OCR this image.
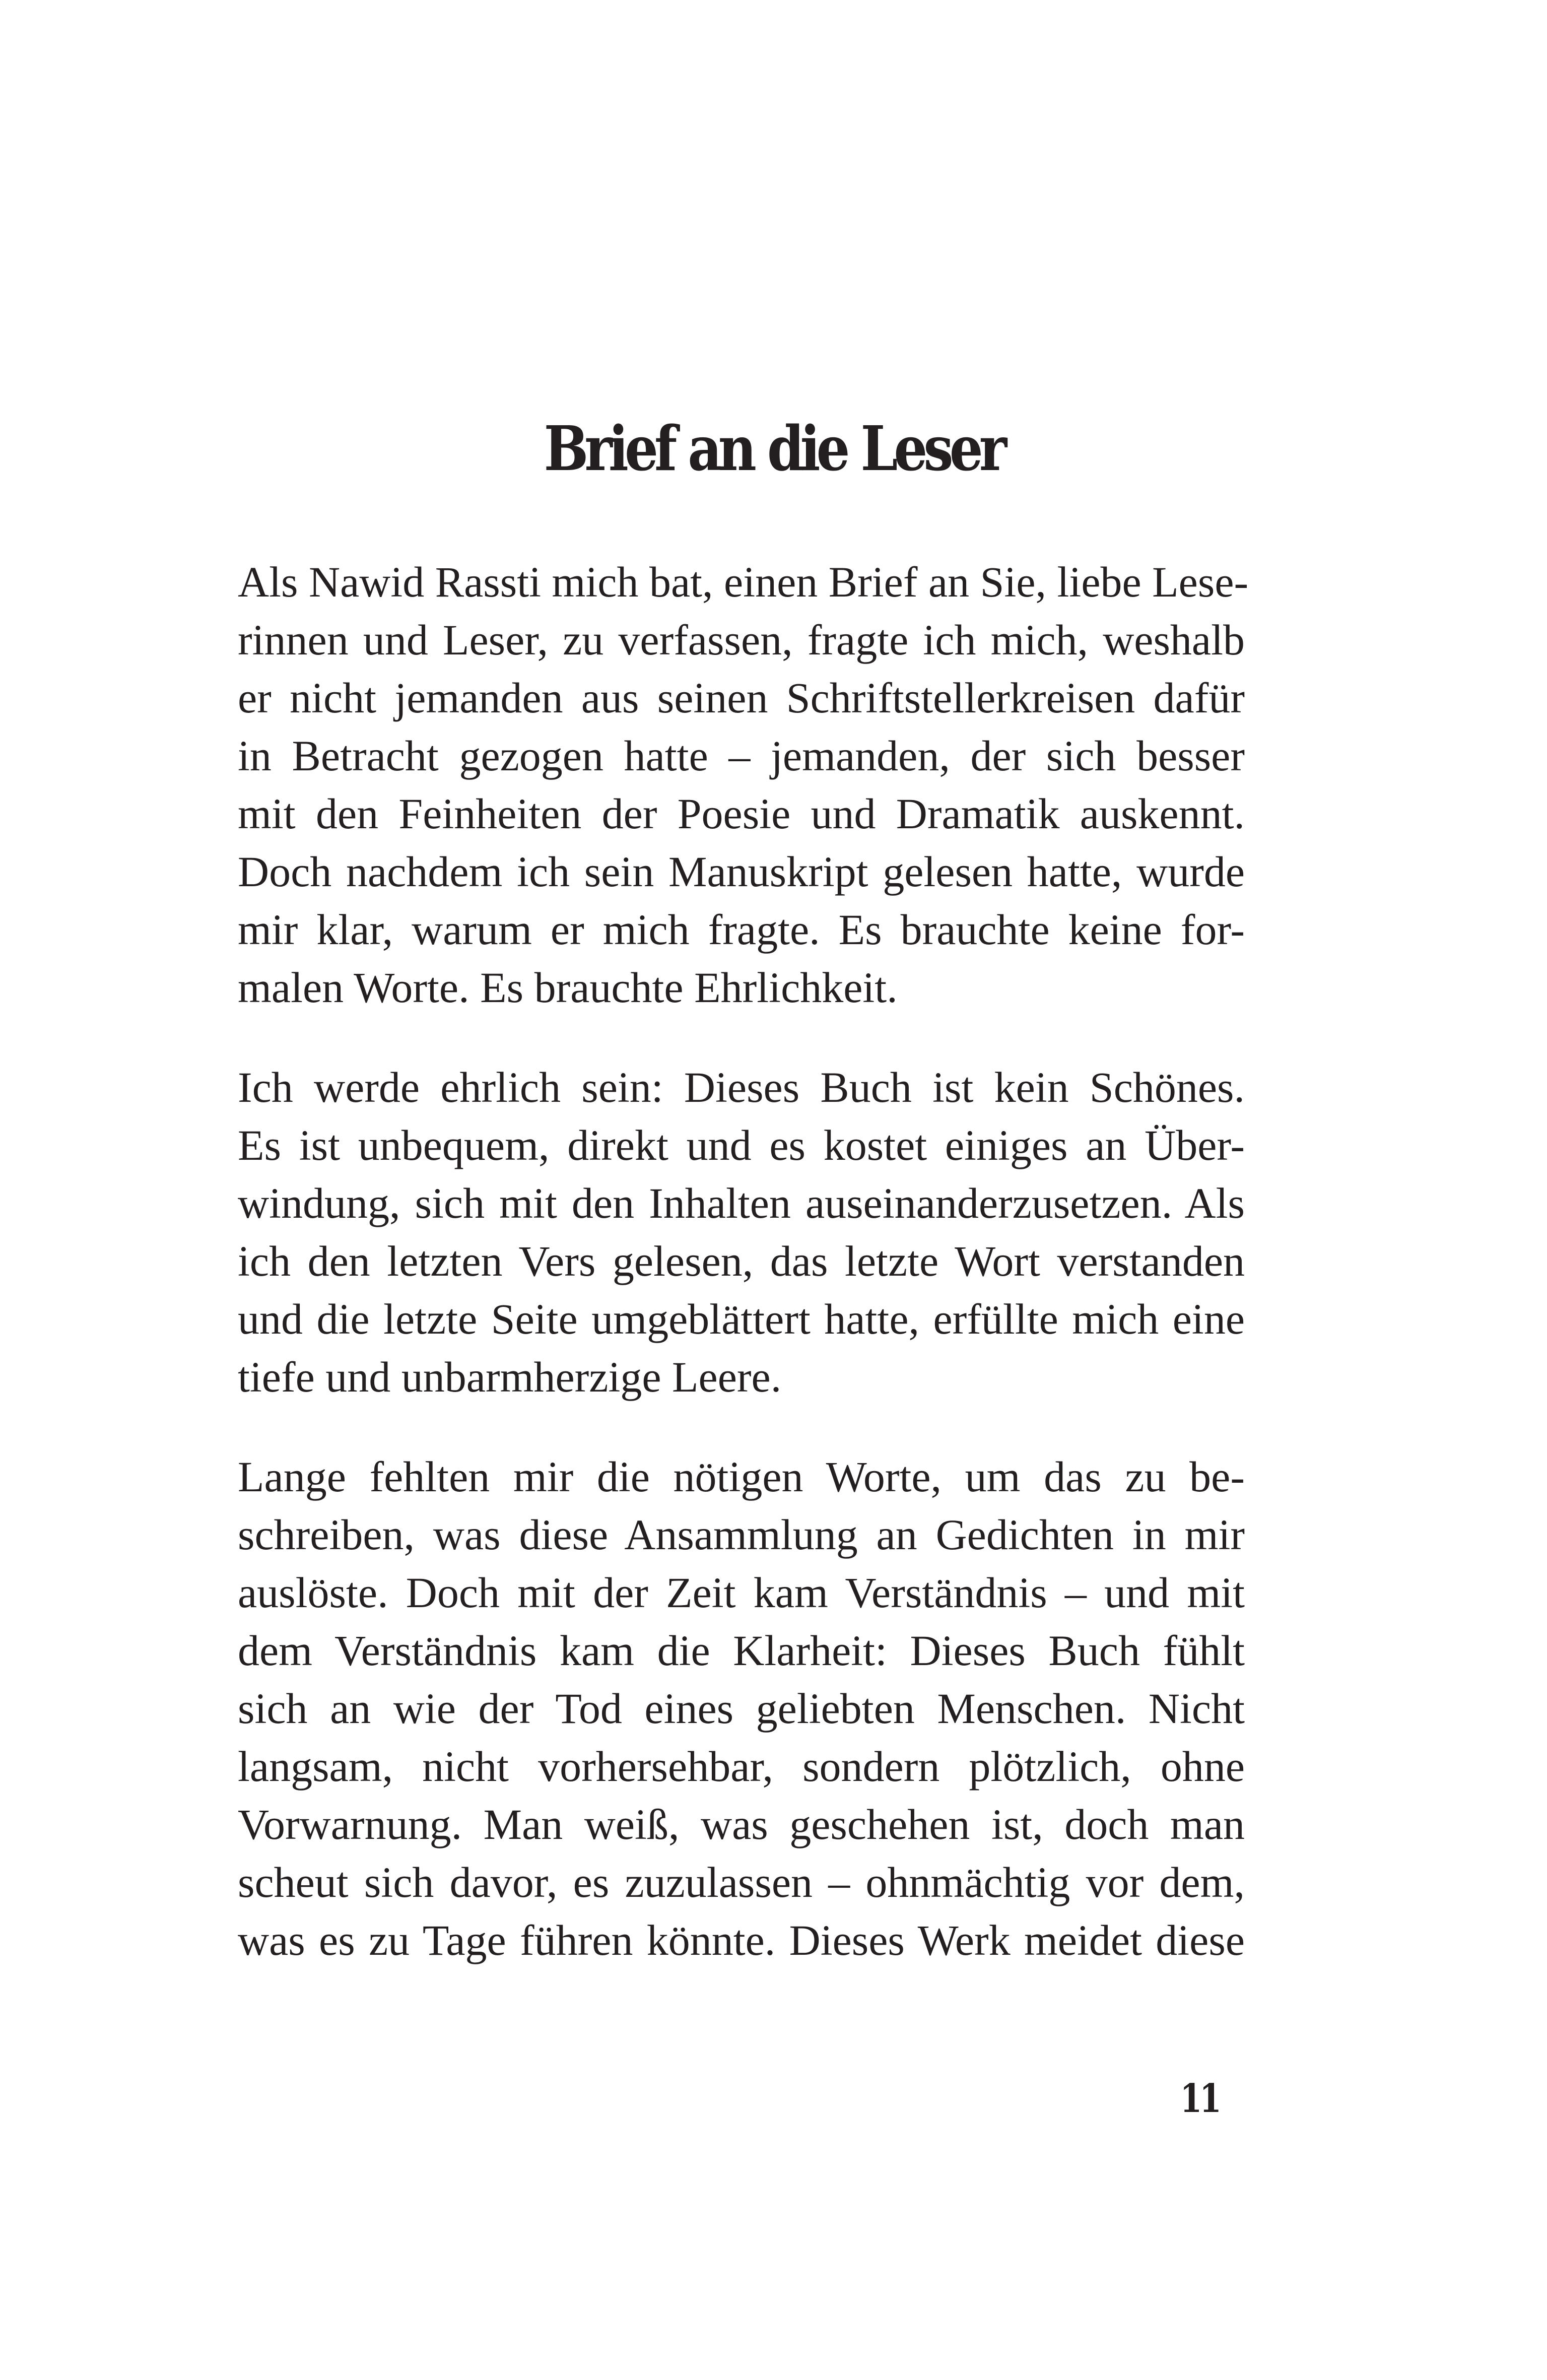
Brief an die Leser

Als Nawid Rassti mich bat, einen Brief an Sie, liebe Lese-
rinnen und Leser, zu verfassen, fragte ich mich, weshalb
er nicht jemanden aus seinen Schriftstellerkreisen dafür
in Betracht gezogen hatte – jemanden, der sich besser
mit den Feinheiten der Poesie und Dramatik auskennt.
Doch nachdem ich sein Manuskript gelesen hatte, wurde
mir klar, warum er mich fragte. Es brauchte keine for-
malen Worte. Es brauchte Ehrlichkeit.

Ich werde ehrlich sein: Dieses Buch ist kein Schönes.
Es ist unbequem, direkt und es kostet einiges an Über-
windung, sich mit den Inhalten auseinanderzusetzen. Als
ich den letzten Vers gelesen, das letzte Wort verstanden
und die letzte Seite umgeblättert hatte, erfüllte mich eine
tiefe und unbarmherzige Leere.

Lange fehlten mir die nötigen Worte, um das zu be-
schreiben, was diese Ansammlung an Gedichten in mir
auslöste. Doch mit der Zeit kam Verständnis – und mit
dem Verständnis kam die Klarheit: Dieses Buch fühlt
sich an wie der Tod eines geliebten Menschen. Nicht
langsam, nicht vorhersehbar, sondern plötzlich, ohne
Vorwarnung. Man weiß, was geschehen ist, doch man
scheut sich davor, es zuzulassen – ohnmächtig vor dem,
was es zu Tage führen könnte. Dieses Werk meidet diese

11
